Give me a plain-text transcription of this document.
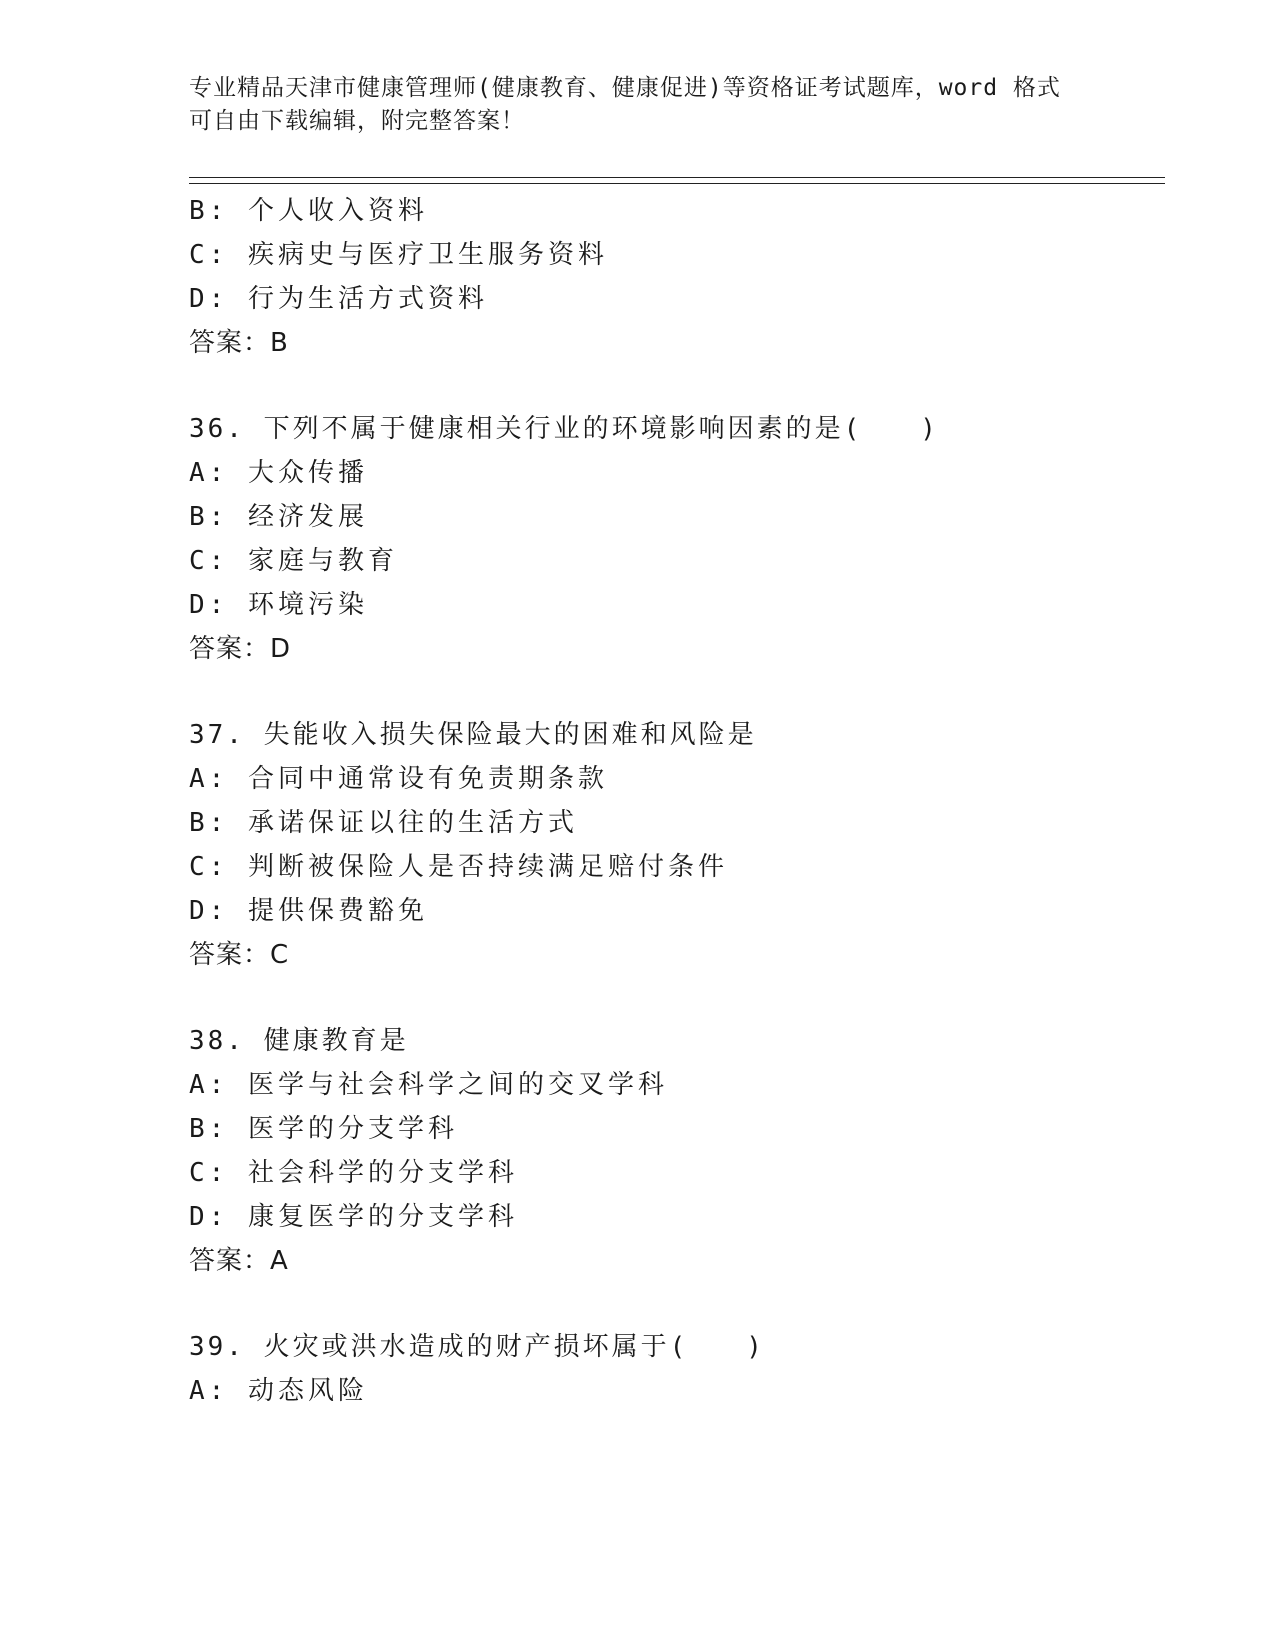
专业精品天津市健康管理师(健康教育、健康促进)等资格证考试题库，word 格式
可自由下载编辑，附完整答案！
B: 个人收入资料
C: 疾病史与医疗卫生服务资料
D: 行为生活方式资料
答案：B
36. 下列不属于健康相关行业的环境影响因素的是(　　)
A: 大众传播
B: 经济发展
C: 家庭与教育
D: 环境污染
答案：D
37. 失能收入损失保险最大的困难和风险是
A: 合同中通常设有免责期条款
B: 承诺保证以往的生活方式
C: 判断被保险人是否持续满足赔付条件
D: 提供保费豁免
答案：C
38. 健康教育是
A: 医学与社会科学之间的交叉学科
B: 医学的分支学科
C: 社会科学的分支学科
D: 康复医学的分支学科
答案：A
39. 火灾或洪水造成的财产损坏属于(　　)
A: 动态风险
